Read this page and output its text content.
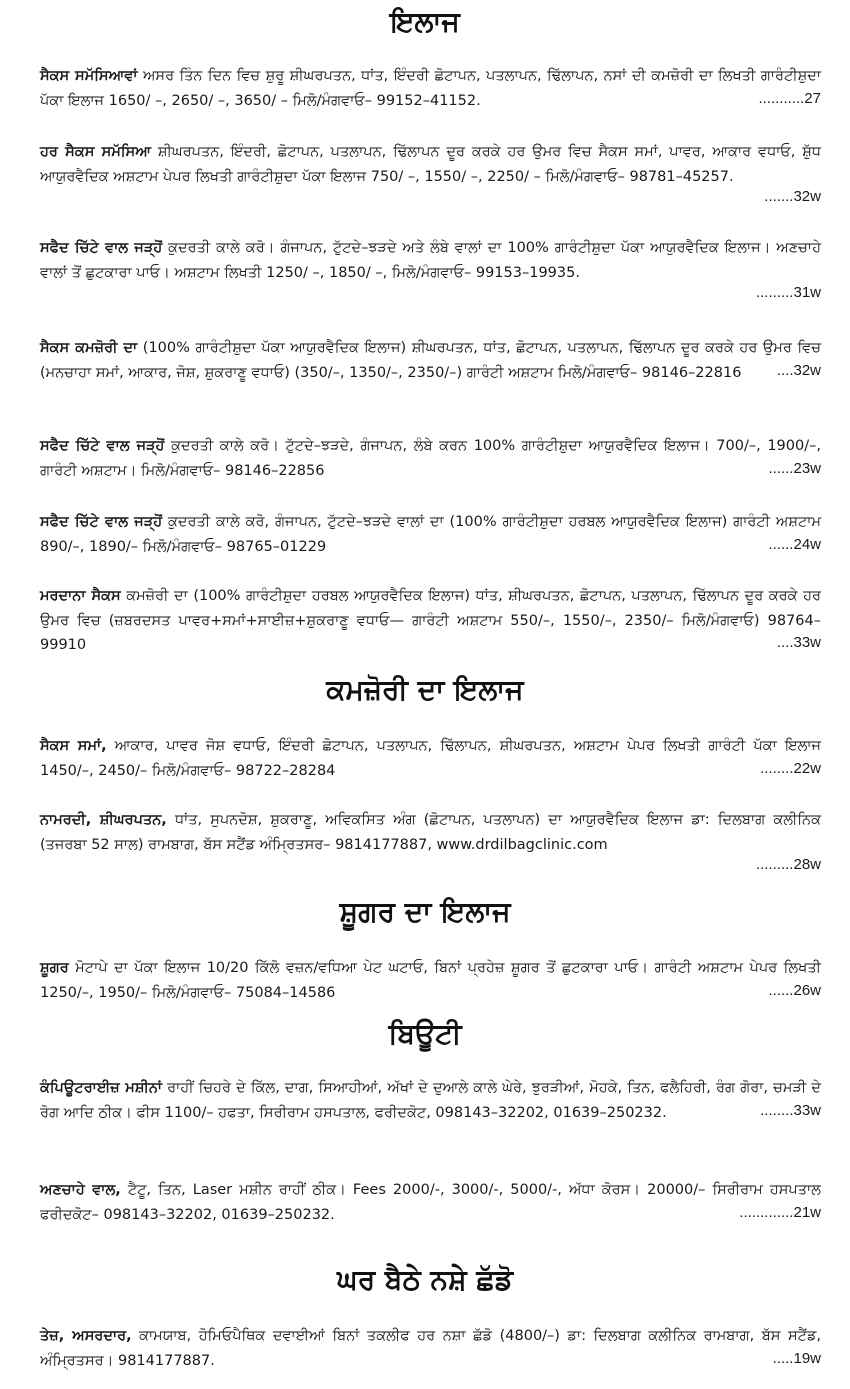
ਇਲਾਜ
ਸੈਕਸ ਸਮੱਸਿਆਵਾਂ ਅਸਰ ਤਿੰਨ ਦਿਨ ਵਿਚ ਸ਼ੁਰੂ ਸ਼ੀਘਰਪਤਨ, ਧਾਂਤ, ਇੰਦਰੀ ਛੋਟਾਪਨ, ਪਤਲਾਪਨ, ਢਿੱਲਾਪਨ, ਨਸਾਂ ਦੀ ਕਮਜ਼ੋਰੀ ਦਾ ਲਿਖਤੀ ਗਾਰੰਟੀਸ਼ੁਦਾ ਪੱਕਾ ਇਲਾਜ 1650/ –, 2650/ –, 3650/ – ਮਿਲੋ/ਮੰਗਵਾਓ– 99152–41152.	...........27
ਹਰ ਸੈਕਸ ਸਮੱਸਿਆ ਸ਼ੀਘਰਪਤਨ, ਇੰਦਰੀ, ਛੋਟਾਪਨ, ਪਤਲਾਪਨ, ਢਿੱਲਾਪਨ ਦੂਰ ਕਰਕੇ ਹਰ ਉਮਰ ਵਿਚ ਸੈਕਸ ਸਮਾਂ, ਪਾਵਰ, ਆਕਾਰ ਵਧਾਓ, ਸ਼ੁੱਧ ਆਯੁਰਵੈਦਿਕ ਅਸ਼ਟਾਮ ਪੇਪਰ ਲਿਖਤੀ ਗਾਰੰਟੀਸ਼ੁਦਾ ਪੱਕਾ ਇਲਾਜ 750/ –, 1550/ –, 2250/ – ਮਿਲੋ/ਮੰਗਵਾਓ– 98781–45257.
.......32w
ਸਫੈਦ ਚਿੱਟੇ ਵਾਲ ਜੜ੍ਹੋਂ ਕੁਦਰਤੀ ਕਾਲੇ ਕਰੋ। ਗੰਜਾਪਨ, ਟੁੱਟਦੇ–ਝੜਦੇ ਅਤੇ ਲੰਬੇ ਵਾਲਾਂ ਦਾ 100% ਗਾਰੰਟੀਸ਼ੁਦਾ ਪੱਕਾ ਆਯੁਰਵੈਦਿਕ ਇਲਾਜ। ਅਣਚਾਹੇ ਵਾਲਾਂ ਤੋਂ ਛੁਟਕਾਰਾ ਪਾਓ। ਅਸ਼ਟਾਮ ਲਿਖਤੀ 1250/ –, 1850/ –, ਮਿਲੋ/ਮੰਗਵਾਓ– 99153–19935.
.........31w
ਸੈਕਸ ਕਮਜ਼ੋਰੀ ਦਾ (100% ਗਾਰੰਟੀਸ਼ੁਦਾ ਪੱਕਾ ਆਯੁਰਵੈਦਿਕ ਇਲਾਜ) ਸ਼ੀਘਰਪਤਨ, ਧਾਂਤ, ਛੋਟਾਪਨ, ਪਤਲਾਪਨ, ਢਿੱਲਾਪਨ ਦੂਰ ਕਰਕੇ ਹਰ ਉਮਰ ਵਿਚ (ਮਨਚਾਹਾ ਸਮਾਂ, ਆਕਾਰ, ਜੋਸ਼, ਸ਼ੁਕਰਾਣੂ ਵਧਾਓ) (350/–, 1350/–, 2350/–) ਗਾਰੰਟੀ ਅਸ਼ਟਾਮ ਮਿਲੋ/ਮੰਗਵਾਓ– 98146–22816 ....32w
ਸਫੈਦ ਚਿੱਟੇ ਵਾਲ ਜੜ੍ਹੋਂ ਕੁਦਰਤੀ ਕਾਲੇ ਕਰੋ। ਟੁੱਟਦੇ–ਝੜਦੇ, ਗੰਜਾਪਨ, ਲੰਬੇ ਕਰਨ 100% ਗਾਰੰਟੀਸ਼ੁਦਾ ਆਯੁਰਵੈਦਿਕ ਇਲਾਜ। 700/–, 1900/–, ਗਾਰੰਟੀ ਅਸ਼ਟਾਮ। ਮਿਲੋ/ਮੰਗਵਾਓ– 98146–22856	......23w
ਸਫੈਦ ਚਿੱਟੇ ਵਾਲ ਜੜ੍ਹੋਂ ਕੁਦਰਤੀ ਕਾਲੇ ਕਰੋ, ਗੰਜਾਪਨ, ਟੁੱਟਦੇ–ਝੜਦੇ ਵਾਲਾਂ ਦਾ (100% ਗਾਰੰਟੀਸ਼ੁਦਾ ਹਰਬਲ ਆਯੁਰਵੈਦਿਕ ਇਲਾਜ) ਗਾਰੰਟੀ ਅਸ਼ਟਾਮ 890/–, 1890/– ਮਿਲੋ/ਮੰਗਵਾਓ– 98765–01229	......24w
ਮਰਦਾਨਾ ਸੈਕਸ ਕਮਜ਼ੋਰੀ ਦਾ (100% ਗਾਰੰਟੀਸ਼ੁਦਾ ਹਰਬਲ ਆਯੁਰਵੈਦਿਕ ਇਲਾਜ) ਧਾਂਤ, ਸ਼ੀਘਰਪਤਨ, ਛੋਟਾਪਨ, ਪਤਲਾਪਨ, ਢਿੱਲਾਪਨ ਦੂਰ ਕਰਕੇ ਹਰ ਉਮਰ ਵਿਚ (ਜ਼ਬਰਦਸਤ ਪਾਵਰ+ਸਮਾਂ+ਸਾਈਜ਼+ਸ਼ੁਕਰਾਣੂ ਵਧਾਓ— ਗਾਰੰਟੀ ਅਸ਼ਟਾਮ 550/–, 1550/–, 2350/– ਮਿਲੋ/ਮੰਗਵਾਓ) 98764–99910	....33w
ਕਮਜ਼ੋਰੀ ਦਾ ਇਲਾਜ
ਸੈਕਸ ਸਮਾਂ, ਆਕਾਰ, ਪਾਵਰ ਜੋਸ਼ ਵਧਾਓ, ਇੰਦਰੀ ਛੋਟਾਪਨ, ਪਤਲਾਪਨ, ਢਿੱਲਾਪਨ, ਸ਼ੀਘਰਪਤਨ, ਅਸ਼ਟਾਮ ਪੇਪਰ ਲਿਖਤੀ ਗਾਰੰਟੀ ਪੱਕਾ ਇਲਾਜ 1450/–, 2450/– ਮਿਲੋ/ਮੰਗਵਾਓ– 98722–28284	........22w
ਨਾਮਰਦੀ, ਸ਼ੀਘਰਪਤਨ, ਧਾਂਤ, ਸੁਪਨਦੋਸ਼, ਸ਼ੁਕਰਾਣੂ, ਅਵਿਕਸਿਤ ਅੰਗ (ਛੋਟਾਪਨ, ਪਤਲਾਪਨ) ਦਾ ਆਯੁਰਵੈਦਿਕ ਇਲਾਜ ਡਾ: ਦਿਲਬਾਗ ਕਲੀਨਿਕ (ਤਜਰਬਾ 52 ਸਾਲ) ਰਾਮਬਾਗ, ਬੱਸ ਸਟੈਂਡ ਅੰਮ੍ਰਿਤਸਰ– 9814177887, www.drdilbagclinic.com
.........28w
ਸ਼ੂਗਰ ਦਾ ਇਲਾਜ
ਸ਼ੂਗਰ ਮੋਟਾਪੇ ਦਾ ਪੱਕਾ ਇਲਾਜ 10/20 ਕਿੱਲੋ ਵਜ਼ਨ/ਵਧਿਆ ਪੇਟ ਘਟਾਓ, ਬਿਨਾਂ ਪ੍ਰਹੇਜ਼ ਸ਼ੂਗਰ ਤੋਂ ਛੁਟਕਾਰਾ ਪਾਓ। ਗਾਰੰਟੀ ਅਸ਼ਟਾਮ ਪੇਪਰ ਲਿਖਤੀ 1250/–, 1950/– ਮਿਲੋ/ਮੰਗਵਾਓ– 75084–14586	......26w
ਬਿਊਟੀ
ਕੰਪਿਊਟਰਾਈਜ਼ ਮਸ਼ੀਨਾਂ ਰਾਹੀਂ ਚਿਹਰੇ ਦੇ ਕਿੱਲ, ਦਾਗ, ਸਿਆਹੀਆਂ, ਅੱਖਾਂ ਦੇ ਦੁਆਲੇ ਕਾਲੇ ਘੇਰੇ, ਝੁਰੜੀਆਂ, ਮੋਹਕੇ, ਤਿਨ, ਫਲੈਹਿਰੀ, ਰੰਗ ਗੋਰਾ, ਚਮੜੀ ਦੇ ਰੋਗ ਆਦਿ ਠੀਕ। ਫੀਸ 1100/– ਹਫਤਾ, ਸਿਰੀਰਾਮ ਹਸਪਤਾਲ, ਫਰੀਦਕੋਟ, 098143–32202, 01639–250232.	........33w
ਅਣਚਾਹੇ ਵਾਲ, ਟੈਟੂ, ਤਿਨ, Laser ਮਸ਼ੀਨ ਰਾਹੀਂ ਠੀਕ। Fees 2000/-, 3000/-, 5000/-, ਅੱਧਾ ਕੋਰਸ। 20000/– ਸਿਰੀਰਾਮ ਹਸਪਤਾਲ ਫਰੀਦਕੋਟ– 098143–32202, 01639–250232.	.............21w
ਘਰ ਬੈਠੇ ਨਸ਼ੇ ਛੱਡੋ
ਤੇਜ਼, ਅਸਰਦਾਰ, ਕਾਮਯਾਬ, ਹੋਮਿਓਪੈਥਿਕ ਦਵਾਈਆਂ ਬਿਨਾਂ ਤਕਲੀਫ ਹਰ ਨਸ਼ਾ ਛੱਡੋ (4800/–) ਡਾ: ਦਿਲਬਾਗ ਕਲੀਨਿਕ ਰਾਮਬਾਗ, ਬੱਸ ਸਟੈਂਡ, ਅੰਮ੍ਰਿਤਸਰ। 9814177887.	.....19w
